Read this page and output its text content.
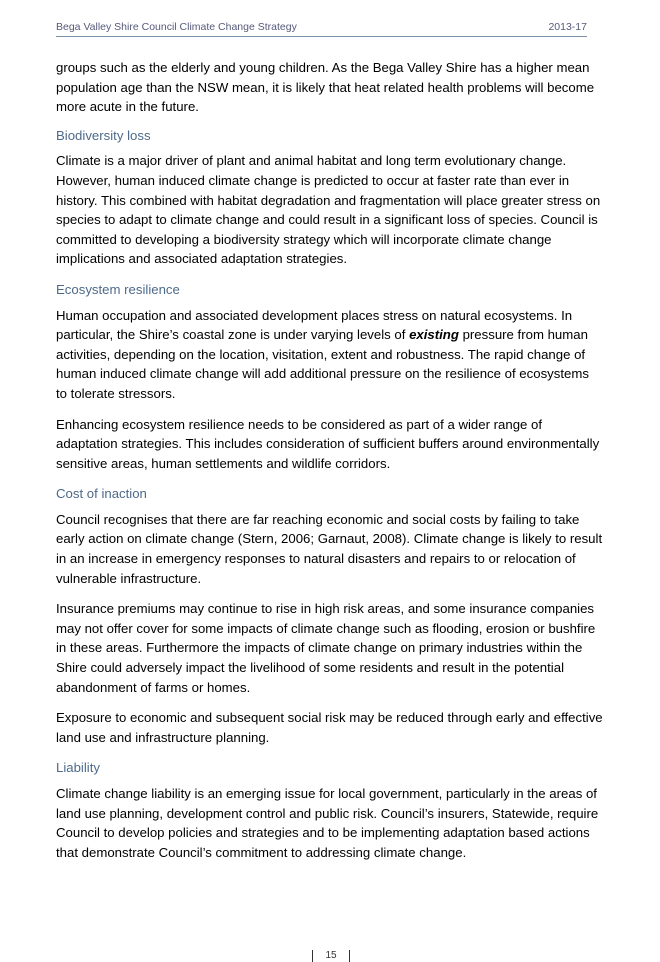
Bega Valley Shire Council Climate Change Strategy	2013-17

groups such as the elderly and young children. As the Bega Valley Shire has a higher mean population age than the NSW mean, it is likely that heat related health problems will become more acute in the future.

Biodiversity loss

Climate is a major driver of plant and animal habitat and long term evolutionary change. However, human induced climate change is predicted to occur at faster rate than ever in history. This combined with habitat degradation and fragmentation will place greater stress on species to adapt to climate change and could result in a significant loss of species. Council is committed to developing a biodiversity strategy which will incorporate climate change implications and associated adaptation strategies.

Ecosystem resilience

Human occupation and associated development places stress on natural ecosystems. In particular, the Shire’s coastal zone is under varying levels of existing pressure from human activities, depending on the location, visitation, extent and robustness. The rapid change of human induced climate change will add additional pressure on the resilience of ecosystems to tolerate stressors.

Enhancing ecosystem resilience needs to be considered as part of a wider range of adaptation strategies. This includes consideration of sufficient buffers around environmentally sensitive areas, human settlements and wildlife corridors.

Cost of inaction

Council recognises that there are far reaching economic and social costs by failing to take early action on climate change (Stern, 2006; Garnaut, 2008). Climate change is likely to result in an increase in emergency responses to natural disasters and repairs to or relocation of vulnerable infrastructure.

Insurance premiums may continue to rise in high risk areas, and some insurance companies may not offer cover for some impacts of climate change such as flooding, erosion or bushfire in these areas. Furthermore the impacts of climate change on primary industries within the Shire could adversely impact the livelihood of some residents and result in the potential abandonment of farms or homes.

Exposure to economic and subsequent social risk may be reduced through early and effective land use and infrastructure planning.

Liability

Climate change liability is an emerging issue for local government, particularly in the areas of land use planning, development control and public risk. Council’s insurers, Statewide, require Council to develop policies and strategies and to be implementing adaptation based actions that demonstrate Council’s commitment to addressing climate change.

15
